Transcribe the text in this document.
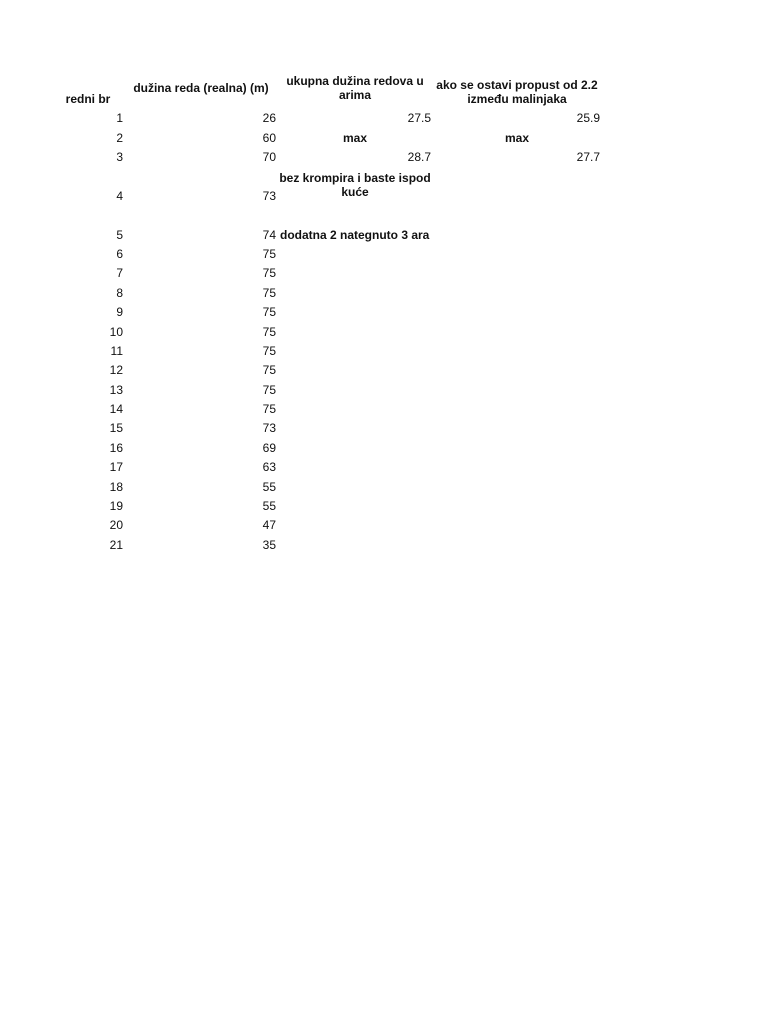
redni br
dužina reda (realna) (m)	ukupna dužina redova u arima
ako se ostavi propust od 2.2 između malinjaka
1
2
3
4
5
6
7
8
9
10
11
12
13
14
15
16
17
18
19
20
21
26
60
70
73
74
75
75
75
75
75
75
75
75
75
73
69
63
55
55
47
35
27.5
max
28.7
bez krompira i baste ispod kuće
dodatna 2 nategnuto 3 ara
25.9
max
27.7
